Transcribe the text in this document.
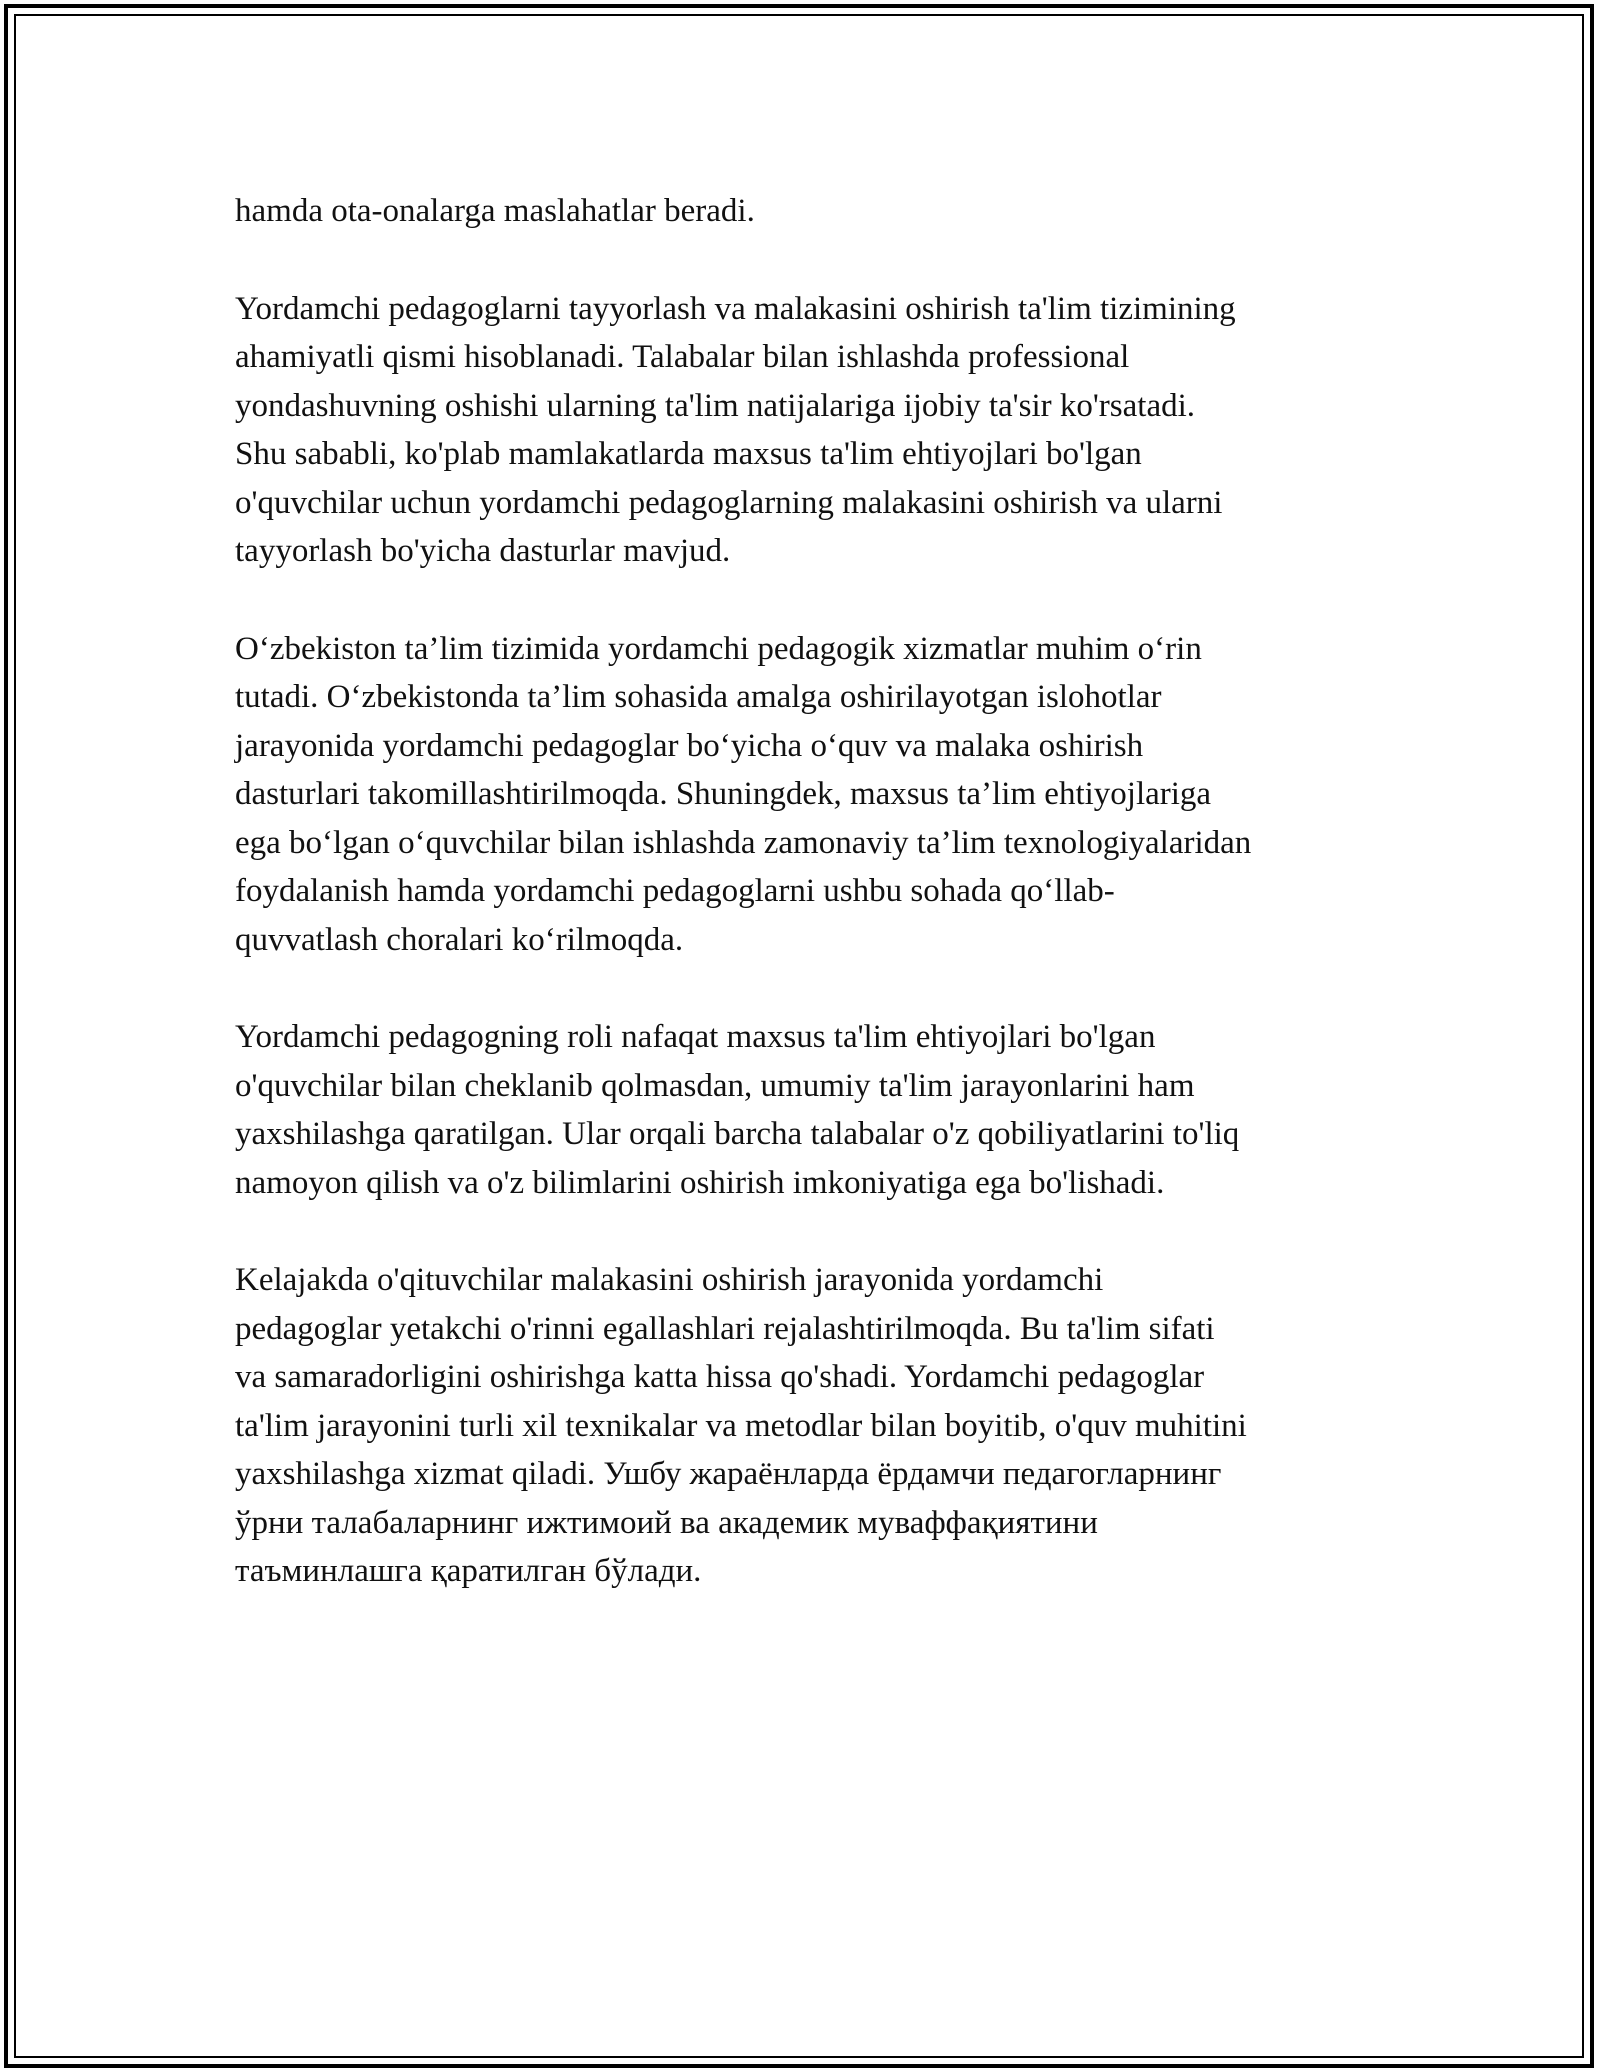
hamda ota-onalarga maslahatlar beradi.

Yordamchi pedagoglarni tayyorlash va malakasini oshirish ta'lim tizimining
ahamiyatli qismi hisoblanadi. Talabalar bilan ishlashda professional
yondashuvning oshishi ularning ta'lim natijalariga ijobiy ta'sir ko'rsatadi.
Shu sababli, ko'plab mamlakatlarda maxsus ta'lim ehtiyojlari bo'lgan
o'quvchilar uchun yordamchi pedagoglarning malakasini oshirish va ularni
tayyorlash bo'yicha dasturlar mavjud.

O‘zbekiston ta’lim tizimida yordamchi pedagogik xizmatlar muhim o‘rin
tutadi. O‘zbekistonda ta’lim sohasida amalga oshirilayotgan islohotlar
jarayonida yordamchi pedagoglar bo‘yicha o‘quv va malaka oshirish
dasturlari takomillashtirilmoqda. Shuningdek, maxsus ta’lim ehtiyojlariga
ega bo‘lgan o‘quvchilar bilan ishlashda zamonaviy ta’lim texnologiyalaridan
foydalanish hamda yordamchi pedagoglarni ushbu sohada qo‘llab-
quvvatlash choralari ko‘rilmoqda.

Yordamchi pedagogning roli nafaqat maxsus ta'lim ehtiyojlari bo'lgan
o'quvchilar bilan cheklanib qolmasdan, umumiy ta'lim jarayonlarini ham
yaxshilashga qaratilgan. Ular orqali barcha talabalar o'z qobiliyatlarini to'liq
namoyon qilish va o'z bilimlarini oshirish imkoniyatiga ega bo'lishadi.

Kelajakda o'qituvchilar malakasini oshirish jarayonida yordamchi
pedagoglar yetakchi o'rinni egallashlari rejalashtirilmoqda. Bu ta'lim sifati
va samaradorligini oshirishga katta hissa qo'shadi. Yordamchi pedagoglar
ta'lim jarayonini turli xil texnikalar va metodlar bilan boyitib, o'quv muhitini
yaxshilashga xizmat qiladi. Ушбу жараёнларда ёрдамчи педагогларнинг
ўрни талабаларнинг ижтимоий ва академик муваффақиятини
таъминлашга қаратилган бўлади.
